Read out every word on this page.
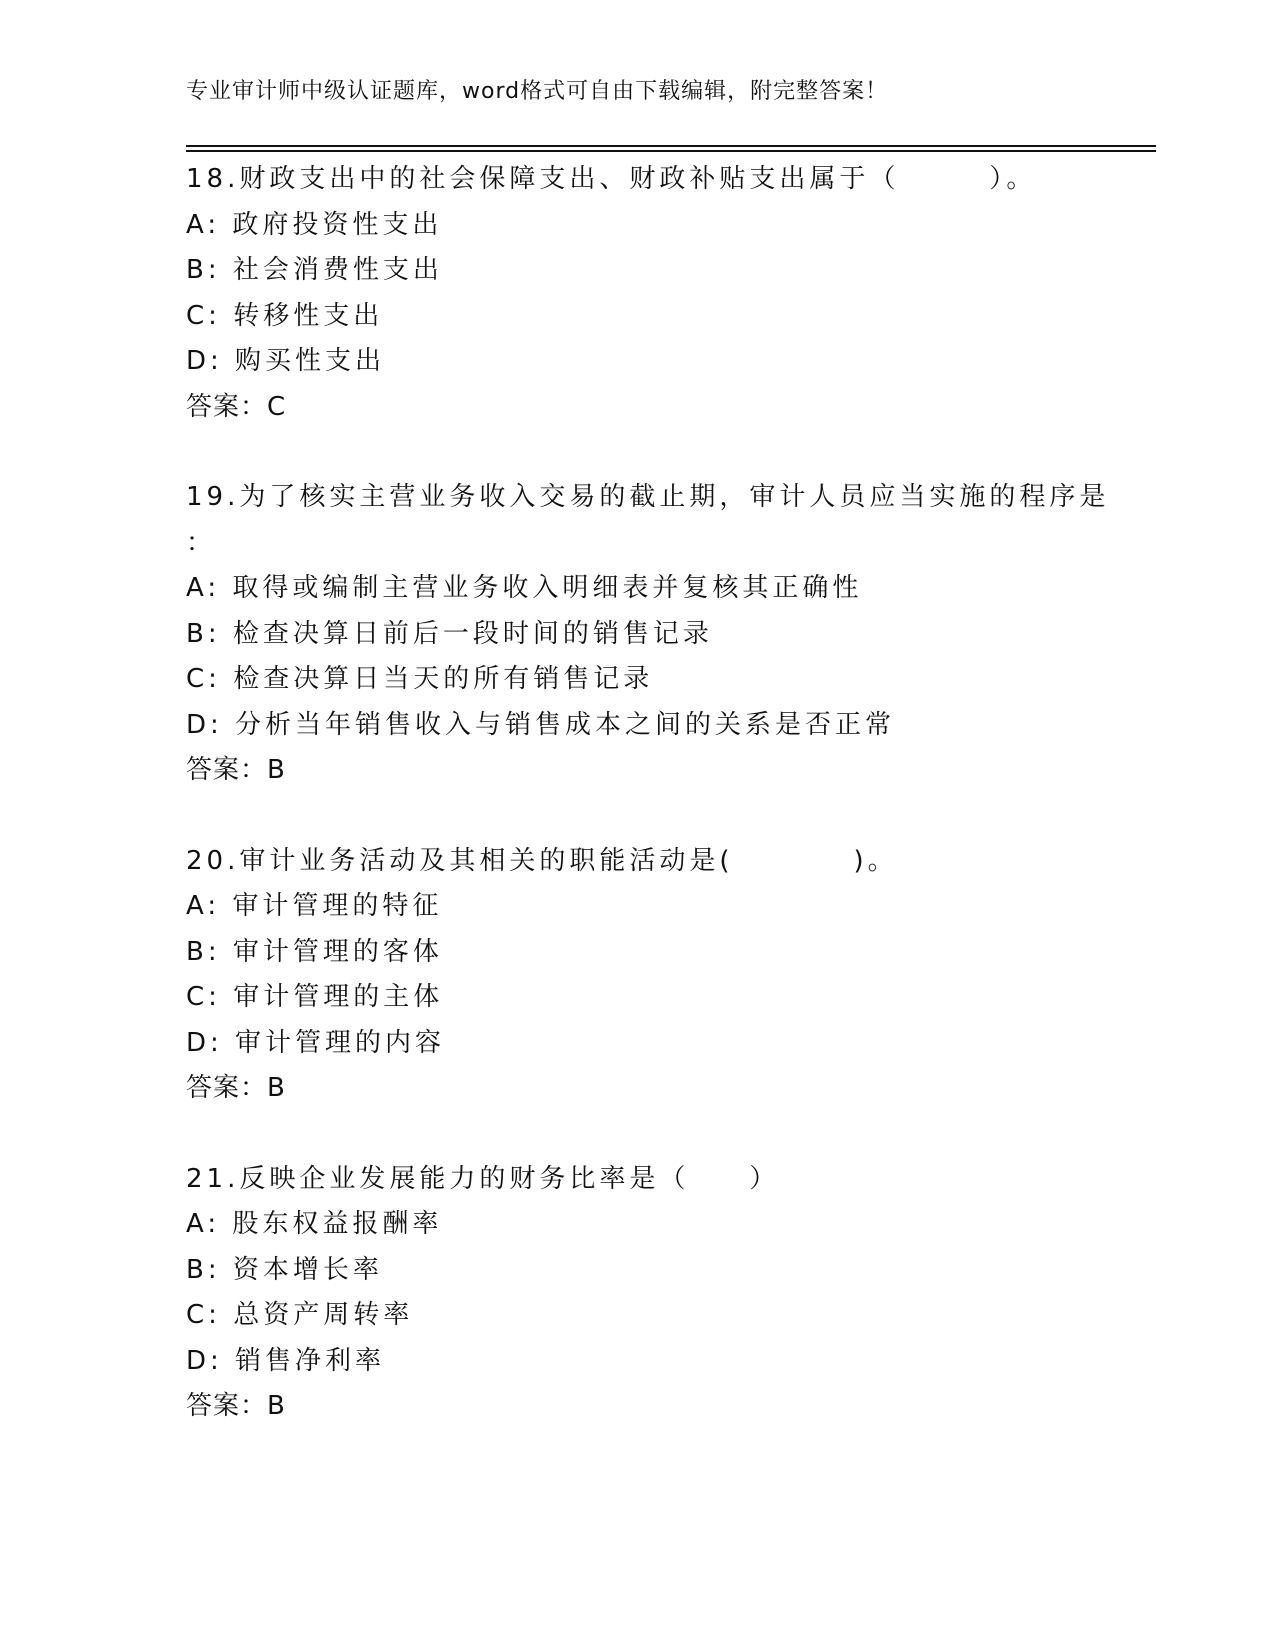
专业审计师中级认证题库，word格式可自由下载编辑，附完整答案！
18.财政支出中的社会保障支出、财政补贴支出属于（　　　）。
A: 政府投资性支出
B: 社会消费性支出
C: 转移性支出
D: 购买性支出
答案：C
19.为了核实主营业务收入交易的截止期，审计人员应当实施的程序是
：
A: 取得或编制主营业务收入明细表并复核其正确性
B: 检查决算日前后一段时间的销售记录
C: 检查决算日当天的所有销售记录
D: 分析当年销售收入与销售成本之间的关系是否正常
答案：B
20.审计业务活动及其相关的职能活动是(　　　　)。
A: 审计管理的特征
B: 审计管理的客体
C: 审计管理的主体
D: 审计管理的内容
答案：B
21.反映企业发展能力的财务比率是（　　）
A: 股东权益报酬率
B: 资本增长率
C: 总资产周转率
D: 销售净利率
答案：B
